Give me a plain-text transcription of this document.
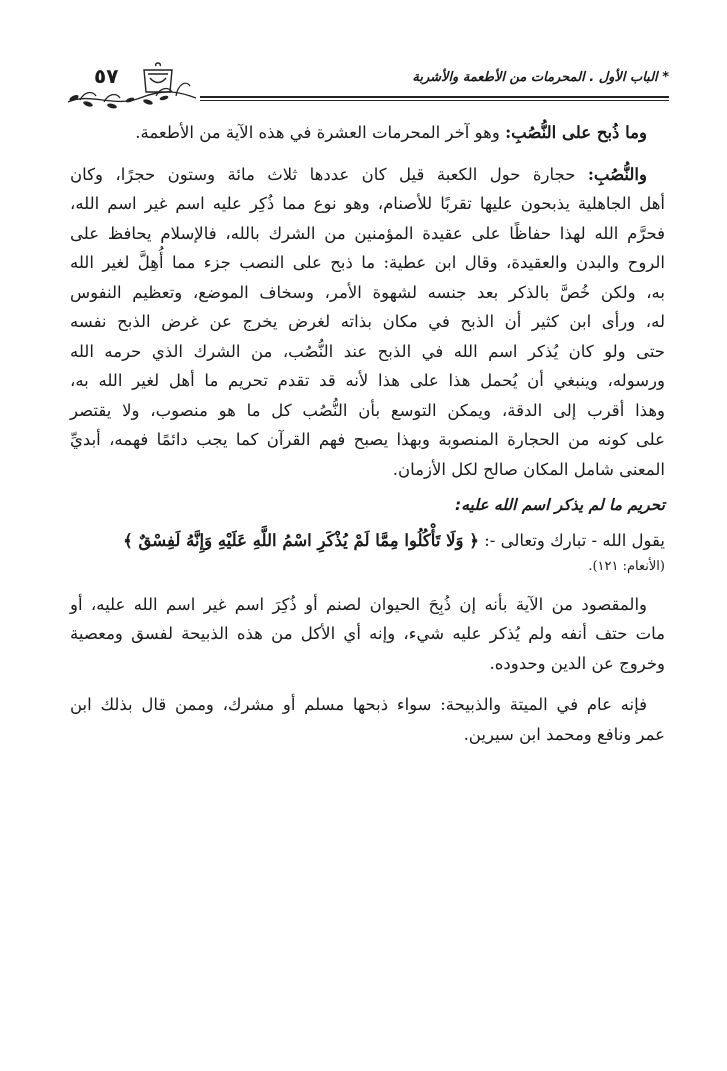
* الباب الأول . المحرمات من الأطعمة والأشربة
٥٧
وما ذُبح على النُّصُبِ: وهو آخر المحرمات العشرة في هذه الآية من الأطعمة.
والنُّصُبِ: حجارة حول الكعبة قيل كان عددها ثلاث مائة وستون حجرًا، وكان
أهل الجاهلية يذبحون عليها تقربًا للأصنام، وهو نوع مما ذُكِر عليه اسم غير اسم الله،
فحرَّم الله لهذا حفاظًا على عقيدة المؤمنين من الشرك بالله، فالإسلام يحافظ على
الروح والبدن والعقيدة، وقال ابن عطية: ما ذبح على النصب جزء مما أُهِلَّ لغير الله
به، ولكن خُصَّ بالذكر بعد جنسه لشهوة الأمر، وسخاف الموضع، وتعظيم النفوس
له، ورأى ابن كثير أن الذبح في مكان بذاته لغرض يخرج عن غرض الذبح نفسه
حتى ولو كان يُذكر اسم الله في الذبح عند النُّصُب، من الشرك الذي حرمه الله
ورسوله، وينبغي أن يُحمل هذا على هذا لأنه قد تقدم تحريم ما أهل لغير الله به،
وهذا أقرب إلى الدقة، ويمكن التوسع بأن النُّصُب كل ما هو منصوب، ولا يقتصر
على كونه من الحجارة المنصوبة وبهذا يصبح فهم القرآن كما يجب دائمًا فهمه، أبديِّ
المعنى شامل المكان صالح لكل الأزمان.
تحريم ما لم يذكر اسم الله عليه:
يقول الله - تبارك وتعالى -: ﴿ وَلَا تَأْكُلُوا مِمَّا لَمْ يُذْكَرِ اسْمُ اللَّهِ عَلَيْهِ وَإِنَّهُ لَفِسْقٌ ﴾
(الأنعام: ١٢١).
والمقصود من الآية بأنه إن ذُبِحَ الحيوان لصنم أو ذُكِرَ اسم غير اسم الله عليه، أو
مات حتف أنفه ولم يُذكر عليه شيء، وإنه أي الأكل من هذه الذبيحة لفسق ومعصية
وخروج عن الدين وحدوده.
فإنه عام في الميتة والذبيحة: سواء ذبحها مسلم أو مشرك، وممن قال بذلك ابن
عمر ونافع ومحمد ابن سيرين.
